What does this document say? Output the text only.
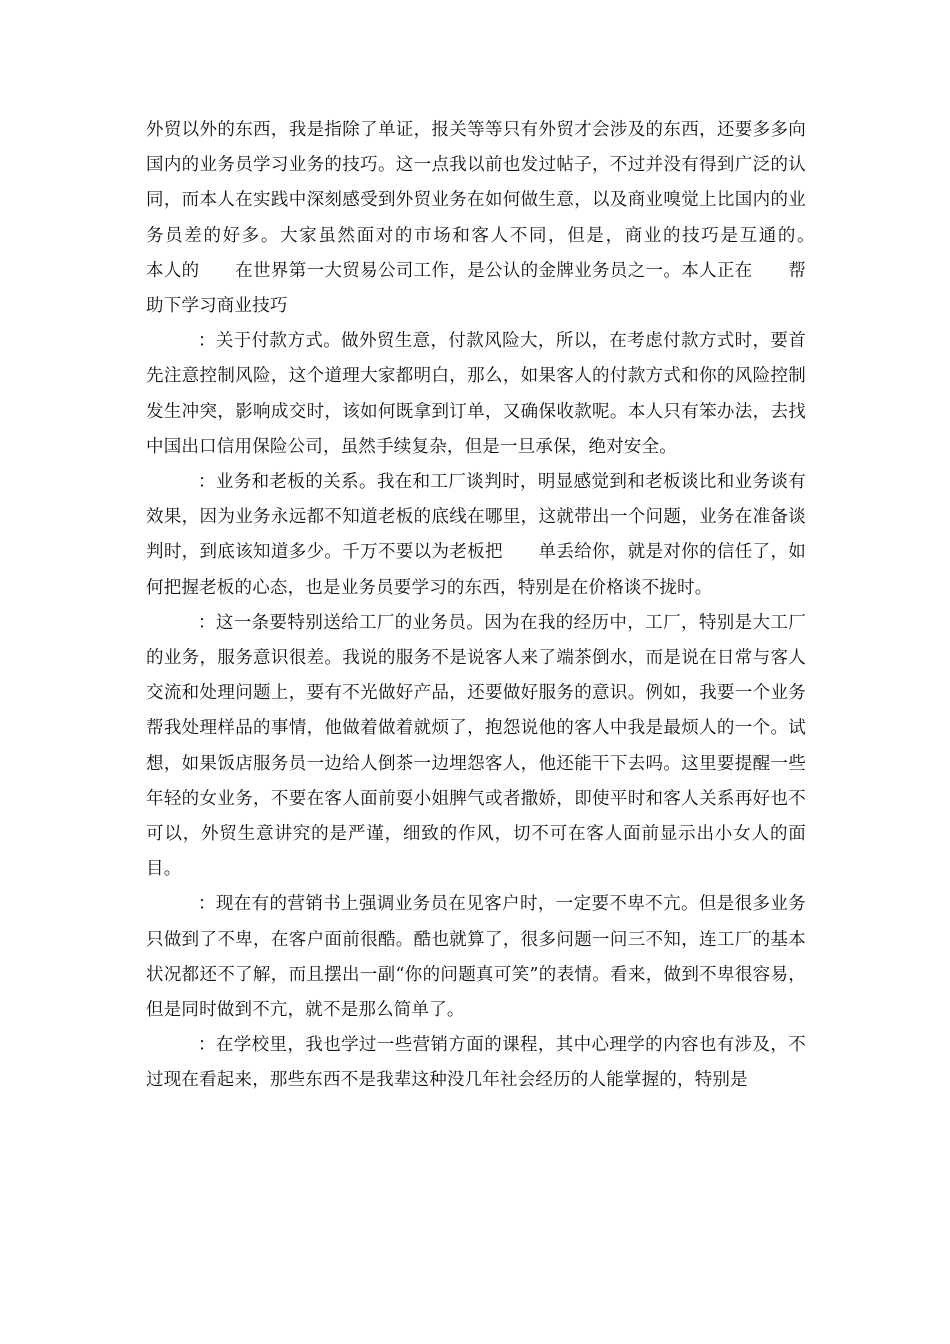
外贸以外的东西，我是指除了单证，报关等等只有外贸才会涉及的东西，还要多多向国内的业务员学习业务的技巧。这一点我以前也发过帖子，不过并没有得到广泛的认同，而本人在实践中深刻感受到外贸业务在如何做生意，以及商业嗅觉上比国内的业务员差的好多。大家虽然面对的市场和客人不同，但是，商业的技巧是互通的。　　本人的　　在世界第一大贸易公司工作，是公认的金牌业务员之一。本人正在　　帮助下学习商业技巧

：关于付款方式。做外贸生意，付款风险大，所以，在考虑付款方式时，要首先注意控制风险，这个道理大家都明白，那么，如果客人的付款方式和你的风险控制发生冲突，影响成交时，该如何既拿到订单，又确保收款呢。本人只有笨办法，去找中国出口信用保险公司，虽然手续复杂，但是一旦承保，绝对安全。

：业务和老板的关系。我在和工厂谈判时，明显感觉到和老板谈比和业务谈有效果，因为业务永远都不知道老板的底线在哪里，这就带出一个问题，业务在准备谈判时，到底该知道多少。千万不要以为老板把　　单丢给你，就是对你的信任了，如何把握老板的心态，也是业务员要学习的东西，特别是在价格谈不拢时。

：这一条要特别送给工厂的业务员。因为在我的经历中，工厂，特别是大工厂的业务，服务意识很差。我说的服务不是说客人来了端茶倒水，而是说在日常与客人交流和处理问题上，要有不光做好产品，还要做好服务的意识。例如，我要一个业务帮我处理样品的事情，他做着做着就烦了，抱怨说他的客人中我是最烦人的一个。试想，如果饭店服务员一边给人倒茶一边埋怨客人，他还能干下去吗。这里要提醒一些年轻的女业务，不要在客人面前耍小姐脾气或者撒娇，即使平时和客人关系再好也不可以，外贸生意讲究的是严谨，细致的作风，切不可在客人面前显示出小女人的面目。

：现在有的营销书上强调业务员在见客户时，一定要不卑不亢。但是很多业务只做到了不卑，在客户面前很酷。酷也就算了，很多问题一问三不知，连工厂的基本状况都还不了解，而且摆出一副“你的问题真可笑”的表情。看来，做到不卑很容易，但是同时做到不亢，就不是那么简单了。

：在学校里，我也学过一些营销方面的课程，其中心理学的内容也有涉及，不过现在看起来，那些东西不是我辈这种没几年社会经历的人能掌握的，特别是
